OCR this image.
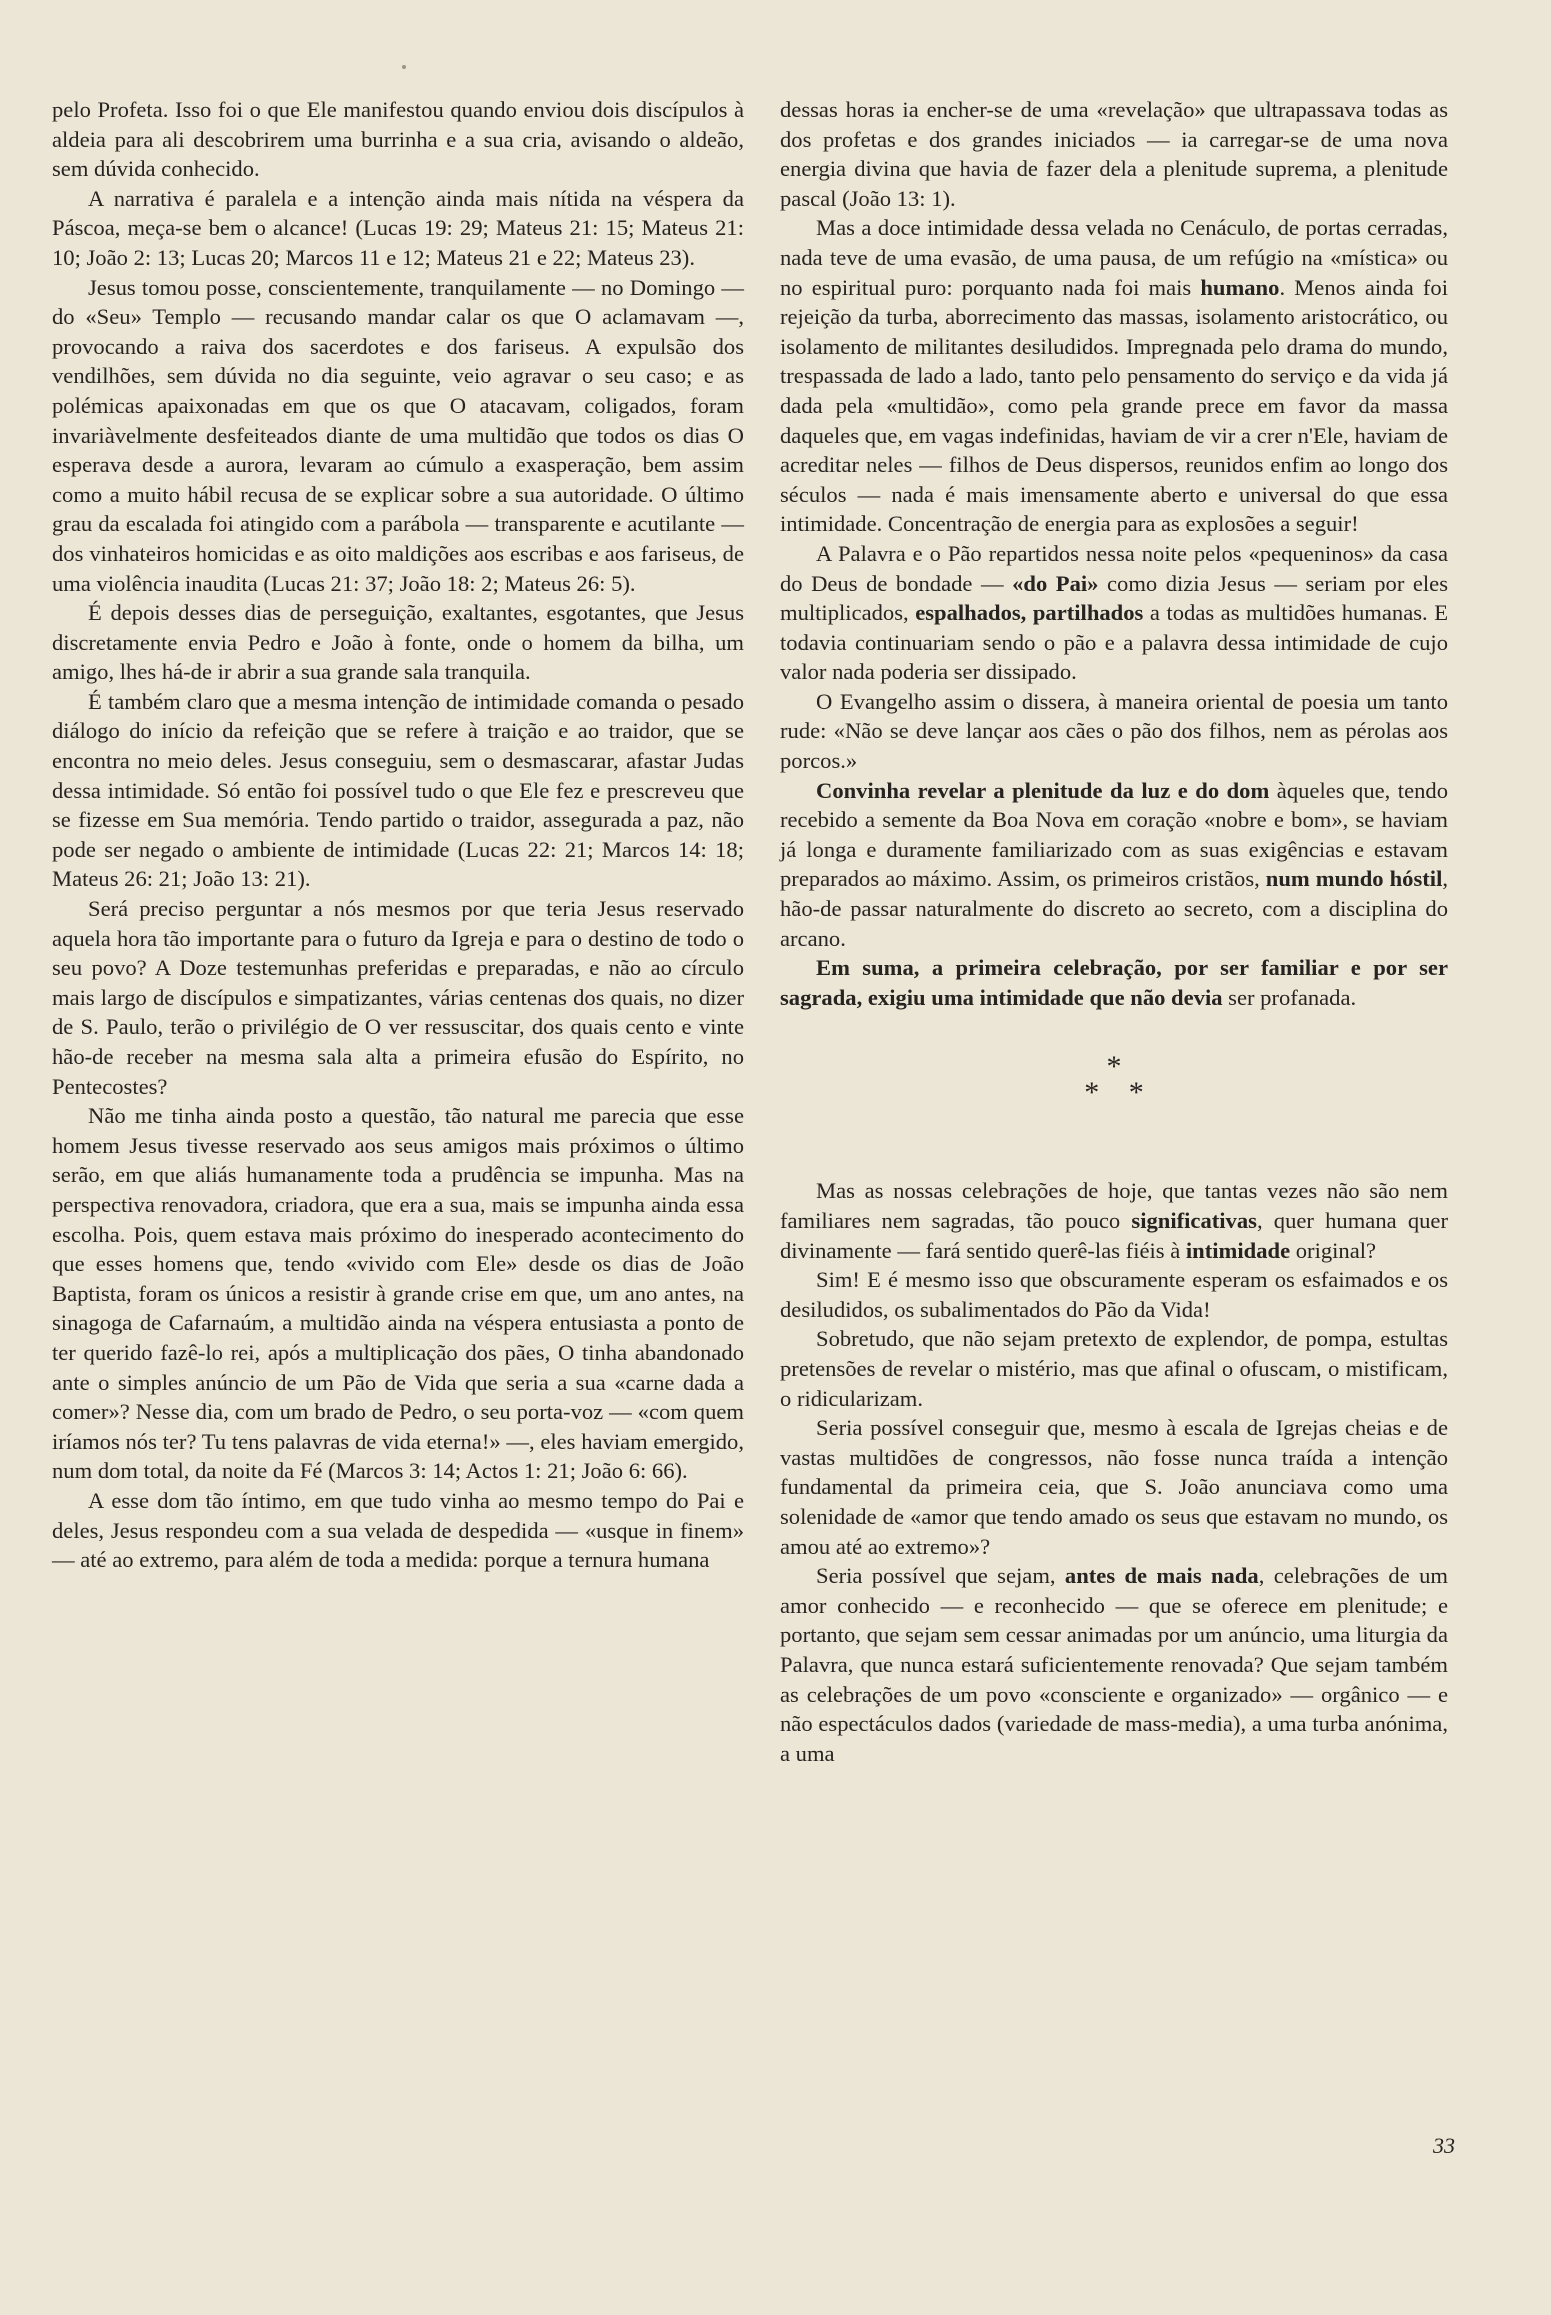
pelo Profeta. Isso foi o que Ele manifestou quando enviou dois discípulos à aldeia para ali descobrirem uma burrinha e a sua cria, avisando o aldeão, sem dúvida conhecido.

A narrativa é paralela e a intenção ainda mais nítida na véspera da Páscoa, meça-se bem o alcance! (Lucas 19: 29; Mateus 21: 15; Mateus 21: 10; João 2: 13; Lucas 20; Marcos 11 e 12; Mateus 21 e 22; Mateus 23).

Jesus tomou posse, conscientemente, tranquilamente — no Domingo — do «Seu» Templo — recusando mandar calar os que O aclamavam —, provocando a raiva dos sacerdotes e dos fariseus. A expulsão dos vendilhões, sem dúvida no dia seguinte, veio agravar o seu caso; e as polémicas apaixonadas em que os que O atacavam, coligados, foram invariàvelmente desfeiteados diante de uma multidão que todos os dias O esperava desde a aurora, levaram ao cúmulo a exasperação, bem assim como a muito hábil recusa de se explicar sobre a sua autoridade. O último grau da escalada foi atingido com a parábola — transparente e acutilante — dos vinhateiros homicidas e as oito maldições aos escribas e aos fariseus, de uma violência inaudita (Lucas 21: 37; João 18: 2; Mateus 26: 5).

É depois desses dias de perseguição, exaltantes, esgotantes, que Jesus discretamente envia Pedro e João à fonte, onde o homem da bilha, um amigo, lhes há-de ir abrir a sua grande sala tranquila.

É também claro que a mesma intenção de intimidade comanda o pesado diálogo do início da refeição que se refere à traição e ao traidor, que se encontra no meio deles. Jesus conseguiu, sem o desmascarar, afastar Judas dessa intimidade. Só então foi possível tudo o que Ele fez e prescreveu que se fizesse em Sua memória. Tendo partido o traidor, assegurada a paz, não pode ser negado o ambiente de intimidade (Lucas 22: 21; Marcos 14: 18; Mateus 26: 21; João 13: 21).

Será preciso perguntar a nós mesmos por que teria Jesus reservado aquela hora tão importante para o futuro da Igreja e para o destino de todo o seu povo? A Doze testemunhas preferidas e preparadas, e não ao círculo mais largo de discípulos e simpatizantes, várias centenas dos quais, no dizer de S. Paulo, terão o privilégio de O ver ressuscitar, dos quais cento e vinte hão-de receber na mesma sala alta a primeira efusão do Espírito, no Pentecostes?

Não me tinha ainda posto a questão, tão natural me parecia que esse homem Jesus tivesse reservado aos seus amigos mais próximos o último serão, em que aliás humanamente toda a prudência se impunha. Mas na perspectiva renovadora, criadora, que era a sua, mais se impunha ainda essa escolha. Pois, quem estava mais próximo do inesperado acontecimento do que esses homens que, tendo «vivido com Ele» desde os dias de João Baptista, foram os únicos a resistir à grande crise em que, um ano antes, na sinagoga de Cafarnaúm, a multidão ainda na véspera entusiasta a ponto de ter querido fazê-lo rei, após a multiplicação dos pães, O tinha abandonado ante o simples anúncio de um Pão de Vida que seria a sua «carne dada a comer»? Nesse dia, com um brado de Pedro, o seu porta-voz — «com quem iríamos nós ter? Tu tens palavras de vida eterna!» —, eles haviam emergido, num dom total, da noite da Fé (Marcos 3: 14; Actos 1: 21; João 6: 66).

A esse dom tão íntimo, em que tudo vinha ao mesmo tempo do Pai e deles, Jesus respondeu com a sua velada de despedida — «usque in finem» — até ao extremo, para além de toda a medida: porque a ternura humana

dessas horas ia encher-se de uma «revelação» que ultrapassava todas as dos profetas e dos grandes iniciados — ia carregar-se de uma nova energia divina que havia de fazer dela a plenitude suprema, a plenitude pascal (João 13: 1).

Mas a doce intimidade dessa velada no Cenáculo, de portas cerradas, nada teve de uma evasão, de uma pausa, de um refúgio na «mística» ou no espiritual puro: porquanto nada foi mais humano. Menos ainda foi rejeição da turba, aborrecimento das massas, isolamento aristocrático, ou isolamento de militantes desiludidos. Impregnada pelo drama do mundo, trespassada de lado a lado, tanto pelo pensamento do serviço e da vida já dada pela «multidão», como pela grande prece em favor da massa daqueles que, em vagas indefinidas, haviam de vir a crer n'Ele, haviam de acreditar neles — filhos de Deus dispersos, reunidos enfim ao longo dos séculos — nada é mais imensamente aberto e universal do que essa intimidade. Concentração de energia para as explosões a seguir!

A Palavra e o Pão repartidos nessa noite pelos «pequeninos» da casa do Deus de bondade — «do Pai» como dizia Jesus — seriam por eles multiplicados, espalhados, partilhados a todas as multidões humanas. E todavia continuariam sendo o pão e a palavra dessa intimidade de cujo valor nada poderia ser dissipado.

O Evangelho assim o dissera, à maneira oriental de poesia um tanto rude: «Não se deve lançar aos cães o pão dos filhos, nem as pérolas aos porcos.»

Convinha revelar a plenitude da luz e do dom àqueles que, tendo recebido a semente da Boa Nova em coração «nobre e bom», se haviam já longa e duramente familiarizado com as suas exigências e estavam preparados ao máximo. Assim, os primeiros cristãos, num mundo hóstil, hão-de passar naturalmente do discreto ao secreto, com a disciplina do arcano.

Em suma, a primeira celebração, por ser familiar e por ser sagrada, exigiu uma intimidade que não devia ser profanada.

*
* *

Mas as nossas celebrações de hoje, que tantas vezes não são nem familiares nem sagradas, tão pouco significativas, quer humana quer divinamente — fará sentido querê-las fiéis à intimidade original?

Sim! E é mesmo isso que obscuramente esperam os esfaimados e os desiludidos, os subalimentados do Pão da Vida!

Sobretudo, que não sejam pretexto de explendor, de pompa, estultas pretensões de revelar o mistério, mas que afinal o ofuscam, o mistificam, o ridicularizam.

Seria possível conseguir que, mesmo à escala de Igrejas cheias e de vastas multidões de congressos, não fosse nunca traída a intenção fundamental da primeira ceia, que S. João anunciava como uma solenidade de «amor que tendo amado os seus que estavam no mundo, os amou até ao extremo»?

Seria possível que sejam, antes de mais nada, celebrações de um amor conhecido — e reconhecido — que se oferece em plenitude; e portanto, que sejam sem cessar animadas por um anúncio, uma liturgia da Palavra, que nunca estará suficientemente renovada? Que sejam também as celebrações de um povo «consciente e organizado» — orgânico — e não espectáculos dados (variedade de mass-media), a uma turba anónima, a uma

33
